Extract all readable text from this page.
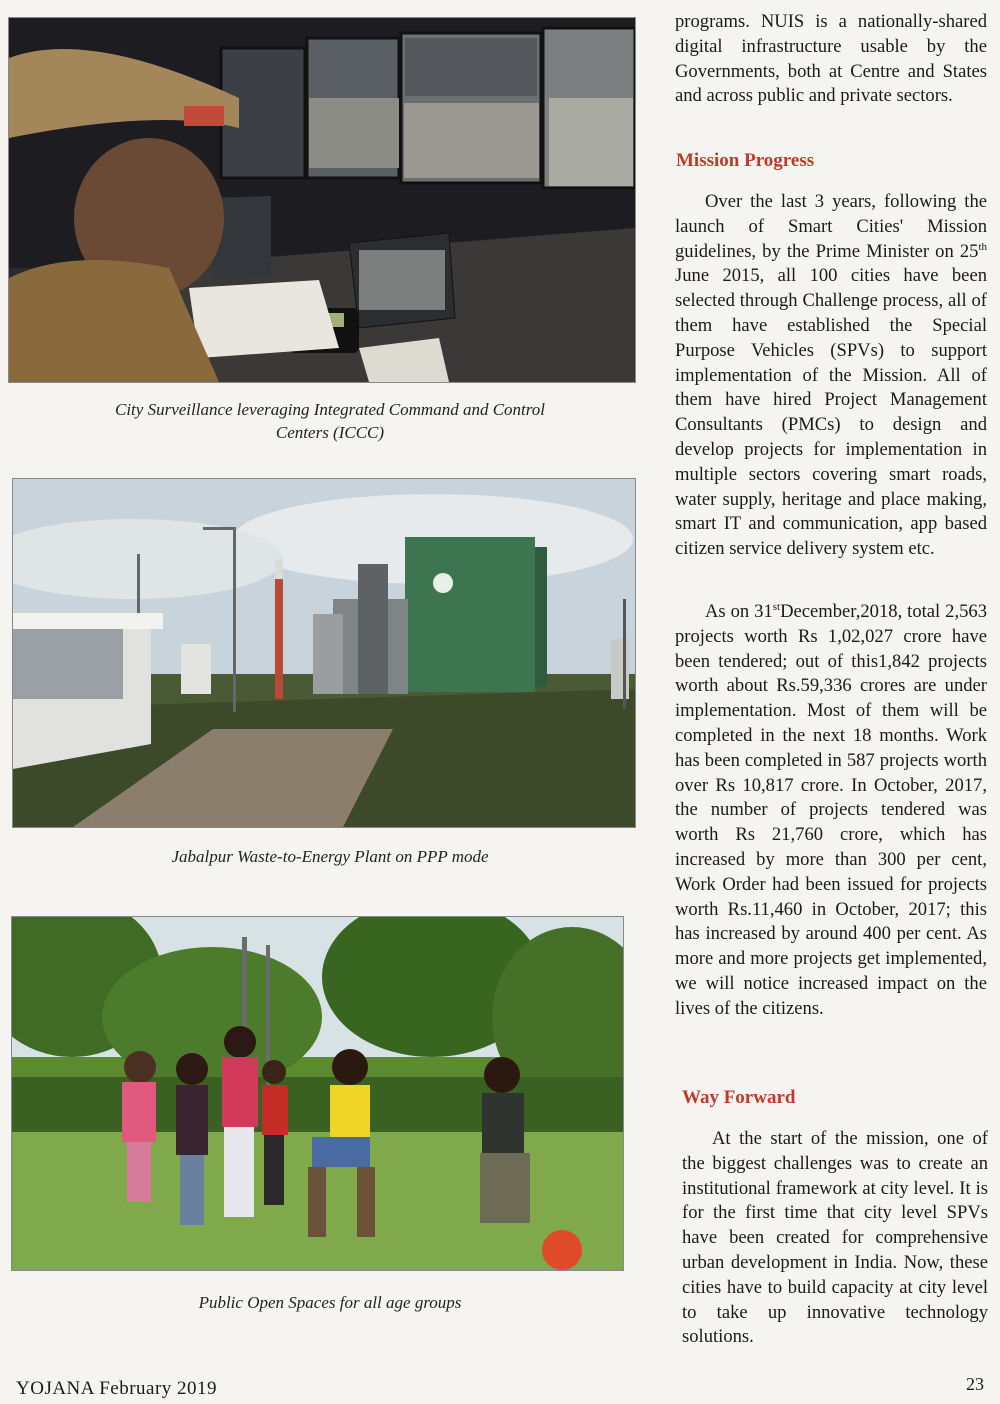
City Surveillance leveraging Integrated Command and Control Centers (ICCC)
Jabalpur Waste-to-Energy Plant on PPP mode
Public Open Spaces for all age groups

programs. NUIS is a nationally-shared digital infrastructure usable by the Governments, both at Centre and States and across public and private sectors.

Mission Progress

Over the last 3 years, following the launch of Smart Cities' Mission guidelines, by the Prime Minister on 25th June 2015, all 100 cities have been selected through Challenge process, all of them have established the Special Purpose Vehicles (SPVs) to support implementation of the Mission. All of them have hired Project Management Consultants (PMCs) to design and develop projects for implementation in multiple sectors covering smart roads, water supply, heritage and place making, smart IT and communication, app based citizen service delivery system etc.

As on 31stDecember,2018, total 2,563 projects worth Rs 1,02,027 crore have been tendered; out of this1,842 projects worth about Rs.59,336 crores are under implementation. Most of them will be completed in the next 18 months. Work has been completed in 587 projects worth over Rs 10,817 crore. In October, 2017, the number of projects tendered was worth Rs 21,760 crore, which has increased by more than 300 per cent, Work Order had been issued for projects worth Rs.11,460 in October, 2017; this has increased by around 400 per cent. As more and more projects get implemented, we will notice increased impact on the lives of the citizens.

Way Forward

At the start of the mission, one of the biggest challenges was to create an institutional framework at city level. It is for the first time that city level SPVs have been created for comprehensive urban development in India. Now, these cities have to build capacity at city level to take up innovative technology solutions.

YOJANA February 2019	23
